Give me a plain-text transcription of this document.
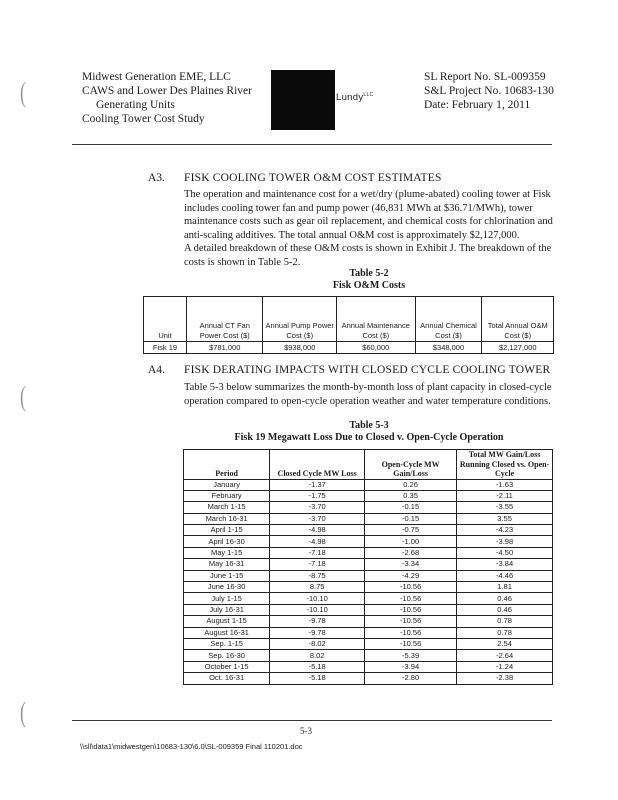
Midwest Generation EME, LLC
CAWS and Lower Des Plaines River
Generating Units
Cooling Tower Cost Study
Lundy$^{LLC}$
SL Report No. SL-009359
S&L Project No. 10683-130
Date: February 1, 2011
(
(
(
A3. FISK COOLING TOWER O&M COST ESTIMATES
The operation and maintenance cost for a wet/dry (plume-abated) cooling tower at Fisk includes cooling tower fan and pump power (46,831 MWh at $36.71/MWh), tower maintenance costs such as gear oil replacement, and chemical costs for chlorination and anti-scaling additives. The total annual O&M cost is approximately $2,127,000.
A detailed breakdown of these O&M costs is shown in Exhibit J. The breakdown of the costs is shown in Table 5-2.
Table 5-2
Fisk O&M Costs
Unit	Annual CT Fan Power Cost ($)	Annual Pump Power Cost ($)	Annual Maintenance Cost ($)	Annual Chemical Cost ($)	Total Annual O&M Cost ($)
Fisk 19	$781,000	$938,000	$60,000	$348,000	$2,127,000
A4. FISK DERATING IMPACTS WITH CLOSED CYCLE COOLING TOWER
Table 5-3 below summarizes the month-by-month loss of plant capacity in closed-cycle operation compared to open-cycle operation weather and water temperature conditions.
Table 5-3
Fisk 19 Megawatt Loss Due to Closed v. Open-Cycle Operation
Period	Closed Cycle MW Loss	Open-Cycle MW Gain/Loss	Total MW Gain/Loss Running Closed vs. Open-Cycle
January	-1.37	0.26	-1.63
February	-1.75	0.35	-2.11
March 1-15	-3.70	-0.15	-3.55
March 16-31	-3.70	-0.15	3.55
April 1-15	-4.98	-0.75	-4.23
April 16-30	-4.98	-1.00	-3.98
May 1-15	-7.18	-2.68	-4.50
May 16-31	-7.18	-3.34	-3.84
June 1-15	-8.75	-4.29	-4.46
June 16-30	8.75	-10.56	1.81
July 1-15	-10.10	-10.56	0.46
July 16-31	-10.10	-10.56	0.46
August 1-15	-9.78	-10.56	0.78
August 16-31	-9.78	-10.56	0.78
Sep. 1-15	-8.02	-10.56	2.54
Sep. 16-30	8.02	-5.39	-2.64
October 1-15	-5.18	-3.94	-1.24
Oct. 16-31	-5.18	-2.80	-2.38
5-3
\\sll\data1\midwestgen\10683-130\6.0\SL-009359 Final 110201.doc
